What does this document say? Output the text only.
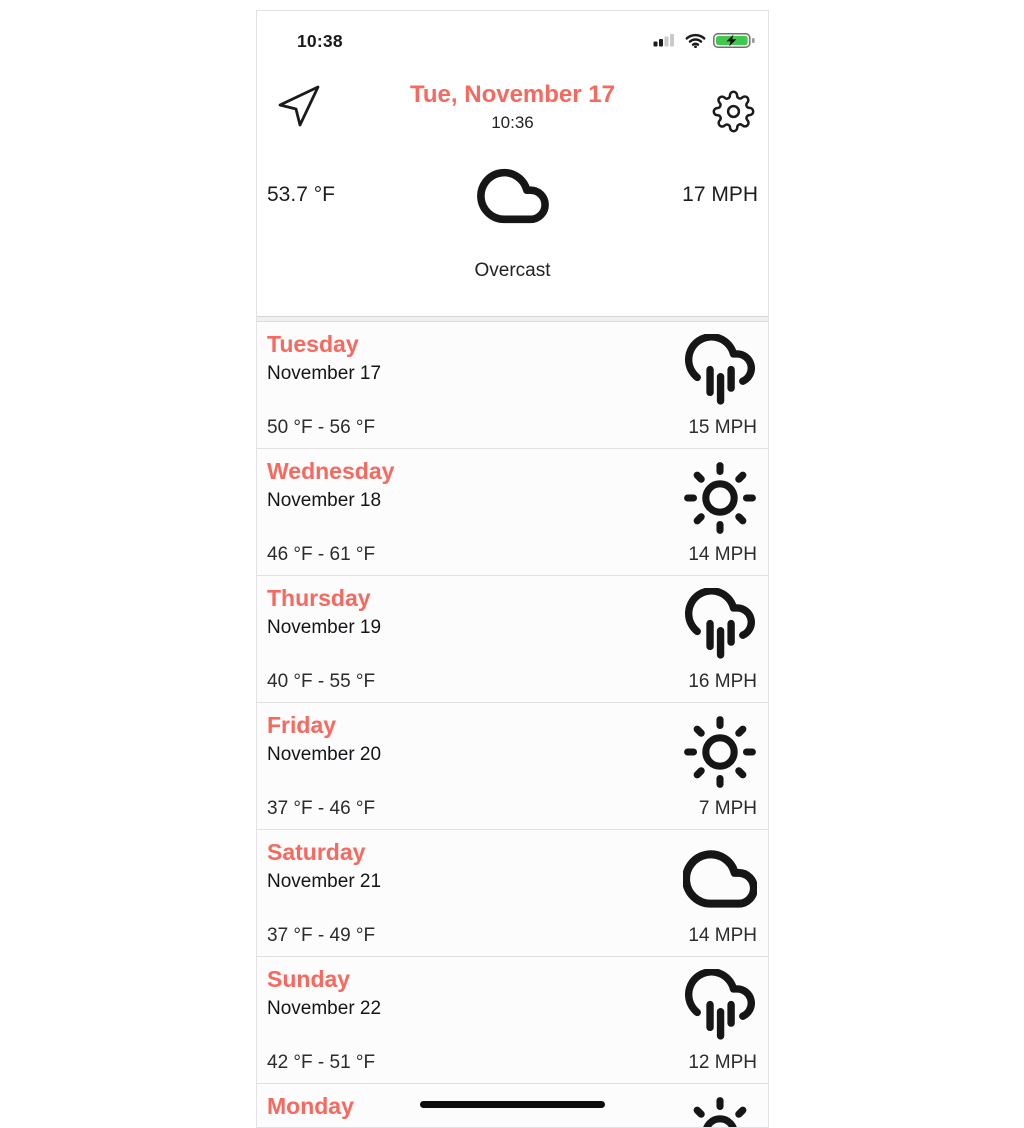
10:38
Tue, November 17
10:36
53.7 °F	17 MPH
Overcast
Tuesday
November 17
50 °F - 56 °F	15 MPH
Wednesday
November 18
46 °F - 61 °F	14 MPH
Thursday
November 19
40 °F - 55 °F	16 MPH
Friday
November 20
37 °F - 46 °F	7 MPH
Saturday
November 21
37 °F - 49 °F	14 MPH
Sunday
November 22
42 °F - 51 °F	12 MPH
Monday
